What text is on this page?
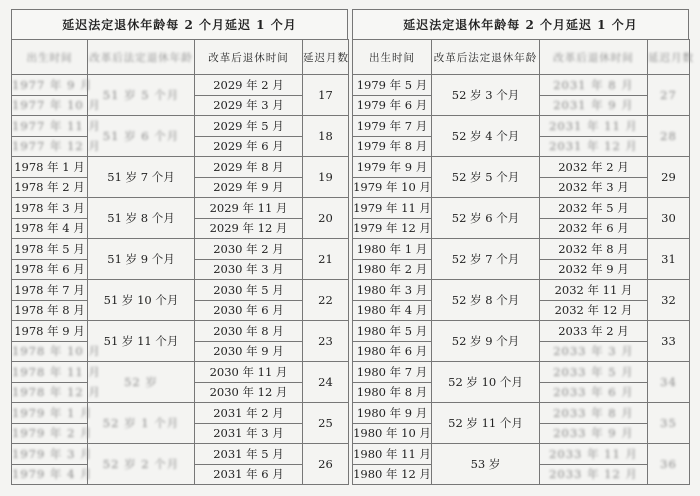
延迟法定退休年龄每 2 个月延迟 1 个月
出生时间	改革后法定退休年龄	改革后退休时间	延迟月数
1977 年 9 月	51 岁 5 个月	2029 年 2 月	17
1977 年 10 月		2029 年 3 月	
1977 年 11 月	51 岁 6 个月	2029 年 5 月	18
1977 年 12 月		2029 年 6 月	
1978 年 1 月	51 岁 7 个月	2029 年 8 月	19
1978 年 2 月		2029 年 9 月	
1978 年 3 月	51 岁 8 个月	2029 年 11 月	20
1978 年 4 月		2029 年 12 月	
1978 年 5 月	51 岁 9 个月	2030 年 2 月	21
1978 年 6 月		2030 年 3 月	
1978 年 7 月	51 岁 10 个月	2030 年 5 月	22
1978 年 8 月		2030 年 6 月	
1978 年 9 月	51 岁 11 个月	2030 年 8 月	23
1978 年 10 月		2030 年 9 月	
1978 年 11 月	52 岁	2030 年 11 月	24
1978 年 12 月		2030 年 12 月	
1979 年 1 月	52 岁 1 个月	2031 年 2 月	25
1979 年 2 月		2031 年 3 月	
1979 年 3 月	52 岁 2 个月	2031 年 5 月	26
1979 年 4 月		2031 年 6 月	
延迟法定退休年龄每 2 个月延迟 1 个月
出生时间	改革后法定退休年龄	改革后退休时间	延迟月数
1979 年 5 月	52 岁 3 个月	2031 年 8 月	27
1979 年 6 月		2031 年 9 月	
1979 年 7 月	52 岁 4 个月	2031 年 11 月	28
1979 年 8 月		2031 年 12 月	
1979 年 9 月	52 岁 5 个月	2032 年 2 月	29
1979 年 10 月		2032 年 3 月	
1979 年 11 月	52 岁 6 个月	2032 年 5 月	30
1979 年 12 月		2032 年 6 月	
1980 年 1 月	52 岁 7 个月	2032 年 8 月	31
1980 年 2 月		2032 年 9 月	
1980 年 3 月	52 岁 8 个月	2032 年 11 月	32
1980 年 4 月		2032 年 12 月	
1980 年 5 月	52 岁 9 个月	2033 年 2 月	33
1980 年 6 月		2033 年 3 月	
1980 年 7 月	52 岁 10 个月	2033 年 5 月	34
1980 年 8 月		2033 年 6 月	
1980 年 9 月	52 岁 11 个月	2033 年 8 月	35
1980 年 10 月		2033 年 9 月	
1980 年 11 月	53 岁	2033 年 11 月	36
1980 年 12 月		2033 年 12 月	
